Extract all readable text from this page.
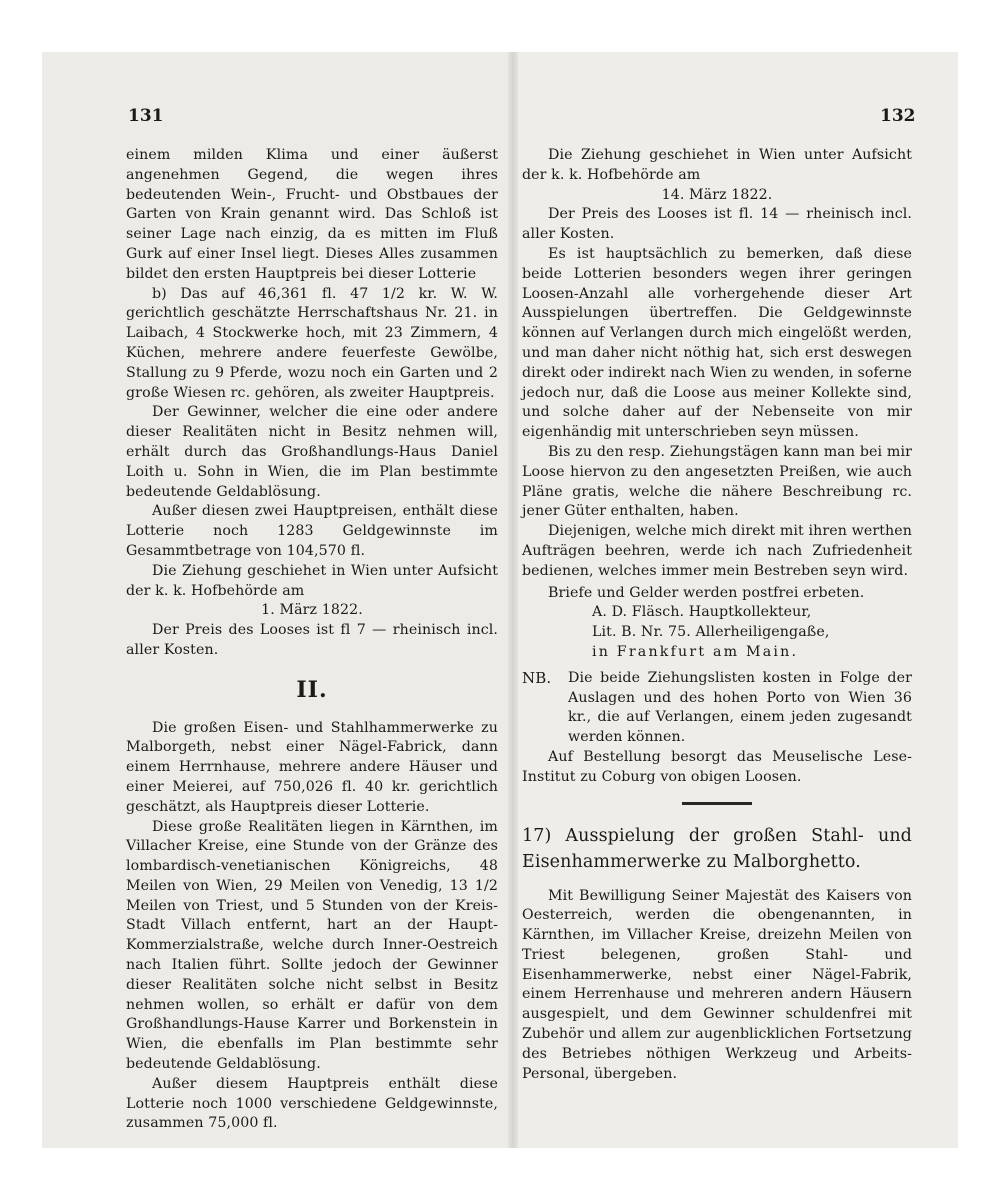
131	132

einem milden Klima und einer äußerst angenehmen Gegend, die wegen ihres bedeutenden Wein-, Frucht- und Obstbaues der Garten von Krain genannt wird. Das Schloß ist seiner Lage nach einzig, da es mitten im Fluß Gurk auf einer Insel liegt. Dieses Alles zusammen bildet den ersten Hauptpreis bei dieser Lotterie

b) Das auf 46,361 fl. 47 1/2 kr. W. W. gerichtlich geschätzte Herrschaftshaus Nr. 21. in Laibach, 4 Stockwerke hoch, mit 23 Zimmern, 4 Küchen, mehrere andere feuerfeste Gewölbe, Stallung zu 9 Pferde, wozu noch ein Garten und 2 große Wiesen rc. gehören, als zweiter Hauptpreis.

Der Gewinner, welcher die eine oder andere dieser Realitäten nicht in Besitz nehmen will, erhält durch das Großhandlungs-Haus Daniel Loith u. Sohn in Wien, die im Plan bestimmte bedeutende Geldablösung.

Außer diesen zwei Hauptpreisen, enthält diese Lotterie noch 1283 Geldgewinnste im Gesammtbetrage von 104,570 fl.

Die Ziehung geschiehet in Wien unter Aufsicht der k. k. Hofbehörde am

1. März 1822.

Der Preis des Looses ist fl 7 — rheinisch incl. aller Kosten.

II.

Die großen Eisen- und Stahlhammerwerke zu Malborgeth, nebst einer Nägel-Fabrick, dann einem Herrnhause, mehrere andere Häuser und einer Meierei, auf 750,026 fl. 40 kr. gerichtlich geschätzt, als Hauptpreis dieser Lotterie.

Diese große Realitäten liegen in Kärnthen, im Villacher Kreise, eine Stunde von der Gränze des lombardisch-venetianischen Königreichs, 48 Meilen von Wien, 29 Meilen von Venedig, 13 1/2 Meilen von Triest, und 5 Stunden von der Kreis-Stadt Villach entfernt, hart an der Haupt-Kommerzialstraße, welche durch Inner-Oestreich nach Italien führt. Sollte jedoch der Gewinner dieser Realitäten solche nicht selbst in Besitz nehmen wollen, so erhält er dafür von dem Großhandlungs-Hause Karrer und Borkenstein in Wien, die ebenfalls im Plan bestimmte sehr bedeutende Geldablösung.

Außer diesem Hauptpreis enthält diese Lotterie noch 1000 verschiedene Geldgewinnste, zusammen 75,000 fl.

Die Ziehung geschiehet in Wien unter Aufsicht der k. k. Hofbehörde am

14. März 1822.

Der Preis des Looses ist fl. 14 — rheinisch incl. aller Kosten.

Es ist hauptsächlich zu bemerken, daß diese beide Lotterien besonders wegen ihrer geringen Loosen-Anzahl alle vorhergehende dieser Art Ausspielungen übertreffen. Die Geldgewinnste können auf Verlangen durch mich eingelößt werden, und man daher nicht nöthig hat, sich erst deswegen direkt oder indirekt nach Wien zu wenden, in soferne jedoch nur, daß die Loose aus meiner Kollekte sind, und solche daher auf der Nebenseite von mir eigenhändig mit unterschrieben seyn müssen.

Bis zu den resp. Ziehungstägen kann man bei mir Loose hiervon zu den angesetzten Preißen, wie auch Pläne gratis, welche die nähere Beschreibung rc. jener Güter enthalten, haben.

Diejenigen, welche mich direkt mit ihren werthen Aufträgen beehren, werde ich nach Zufriedenheit bedienen, welches immer mein Bestreben seyn wird.

Briefe und Gelder werden postfrei erbeten.

A. D. Fläsch. Hauptkollekteur,

Lit. B. Nr. 75. Allerheiligengaße,

in Frankfurt am Main.

NB.	Die beide Ziehungslisten kosten in Folge der Auslagen und des hohen Porto von Wien 36 kr., die auf Verlangen, einem jeden zugesandt werden können.

Auf Bestellung besorgt das Meuselische Lese-Institut zu Coburg von obigen Loosen.

17) Ausspielung der großen Stahl- und Eisenhammerwerke zu Malborghetto.

Mit Bewilligung Seiner Majestät des Kaisers von Oesterreich, werden die obengenannten, in Kärnthen, im Villacher Kreise, dreizehn Meilen von Triest belegenen, großen Stahl- und Eisenhammerwerke, nebst einer Nägel-Fabrik, einem Herrenhause und mehreren andern Häusern ausgespielt, und dem Gewinner schuldenfrei mit Zubehör und allem zur augenblicklichen Fortsetzung des Betriebes nöthigen Werkzeug und Arbeits-Personal, übergeben.
